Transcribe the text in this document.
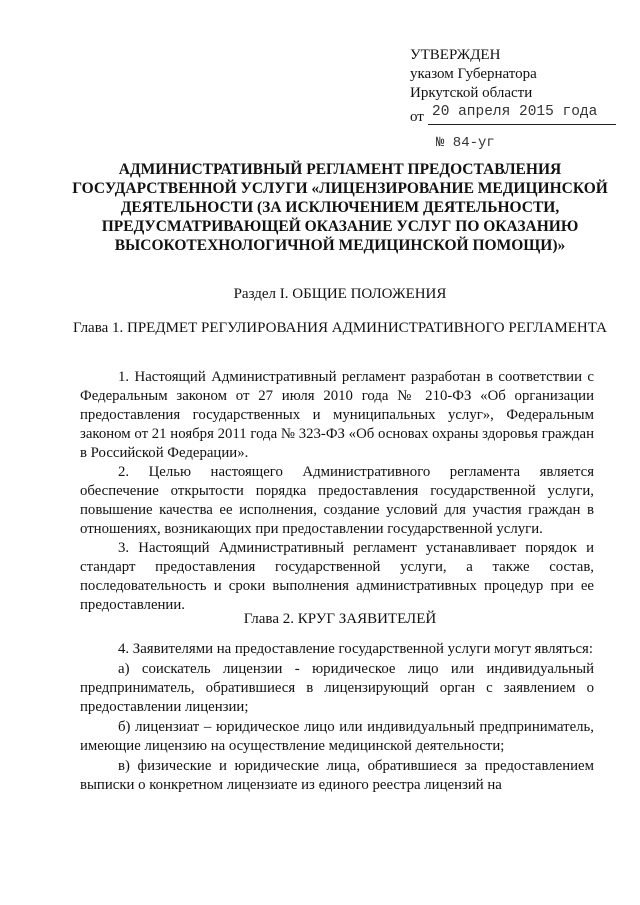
УТВЕРЖДЕН
указом Губернатора
Иркутской области
от 20 апреля 2015 года
№ 84-уг
АДМИНИСТРАТИВНЫЙ РЕГЛАМЕНТ ПРЕДОСТАВЛЕНИЯ ГОСУДАРСТВЕННОЙ УСЛУГИ «ЛИЦЕНЗИРОВАНИЕ МЕДИЦИНСКОЙ ДЕЯТЕЛЬНОСТИ (ЗА ИСКЛЮЧЕНИЕМ ДЕЯТЕЛЬНОСТИ, ПРЕДУСМАТРИВАЮЩЕЙ ОКАЗАНИЕ УСЛУГ ПО ОКАЗАНИЮ ВЫСОКОТЕХНОЛОГИЧНОЙ МЕДИЦИНСКОЙ ПОМОЩИ)»
Раздел I. ОБЩИЕ ПОЛОЖЕНИЯ
Глава 1. ПРЕДМЕТ РЕГУЛИРОВАНИЯ АДМИНИСТРАТИВНОГО РЕГЛАМЕНТА

1. Настоящий Административный регламент разработан в соответствии с Федеральным законом от 27 июля 2010 года № 210-ФЗ «Об организации предоставления государственных и муниципальных услуг», Федеральным законом от 21 ноября 2011 года № 323-ФЗ «Об основах охраны здоровья граждан в Российской Федерации».

2. Целью настоящего Административного регламента является обеспечение открытости порядка предоставления государственной услуги, повышение качества ее исполнения, создание условий для участия граждан в отношениях, возникающих при предоставлении государственной услуги.

3. Настоящий Административный регламент устанавливает порядок и стандарт предоставления государственной услуги, а также состав, последовательность и сроки выполнения административных процедур при ее предоставлении.

Глава 2. КРУГ ЗАЯВИТЕЛЕЙ

4. Заявителями на предоставление государственной услуги могут являться:

а) соискатель лицензии - юридическое лицо или индивидуальный предприниматель, обратившиеся в лицензирующий орган с заявлением о предоставлении лицензии;

б) лицензиат – юридическое лицо или индивидуальный предприниматель, имеющие лицензию на осуществление медицинской деятельности;

в) физические и юридические лица, обратившиеся за предоставлением выписки о конкретном лицензиате из единого реестра лицензий на
